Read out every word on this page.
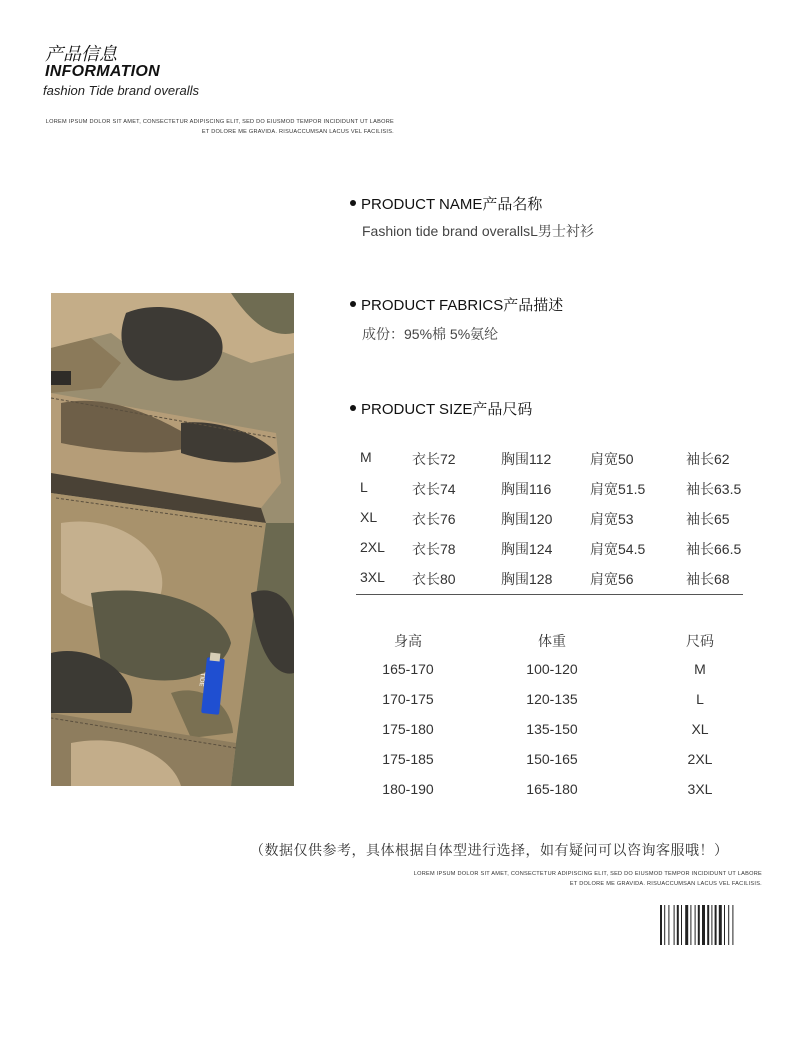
产品信息
INFORMATION
fashion Tide brand overalls
LOREM IPSUM DOLOR SIT AMET, CONSECTETUR ADIPISCING ELIT, SED DO EIUSMOD TEMPOR INCIDIDUNT UT LABORE
ET DOLORE ME GRAVIDA. RISUACCUMSAN LACUS VEL FACILISIS.
TIDE
PRODUCT NAME产品名称
Fashion tide brand overallsL男士衬衫
PRODUCT FABRICS产品描述
成份：95%棉 5%氨纶
PRODUCT SIZE产品尺码
M	衣长72	胸围112	肩宽50	袖长62
L	衣长74	胸围116	肩宽51.5	袖长63.5
XL 衣长76	胸围120	肩宽53	袖长65
2XL 衣长78	胸围124	肩宽54.5	袖长66.5
3XL 衣长80	胸围128	肩宽56	袖长68
身高	体重	尺码
165-170	100-120	M
170-175	120-135	L
175-180	135-150	XL
175-185	150-165	2XL
180-190	165-180	3XL
（数据仅供参考，具体根据自体型进行选择，如有疑问可以咨询客服哦！）
LOREM IPSUM DOLOR SIT AMET, CONSECTETUR ADIPISCING ELIT, SED DO EIUSMOD TEMPOR INCIDIDUNT UT LABORE
ET DOLORE ME GRAVIDA. RISUACCUMSAN LACUS VEL FACILISIS.
